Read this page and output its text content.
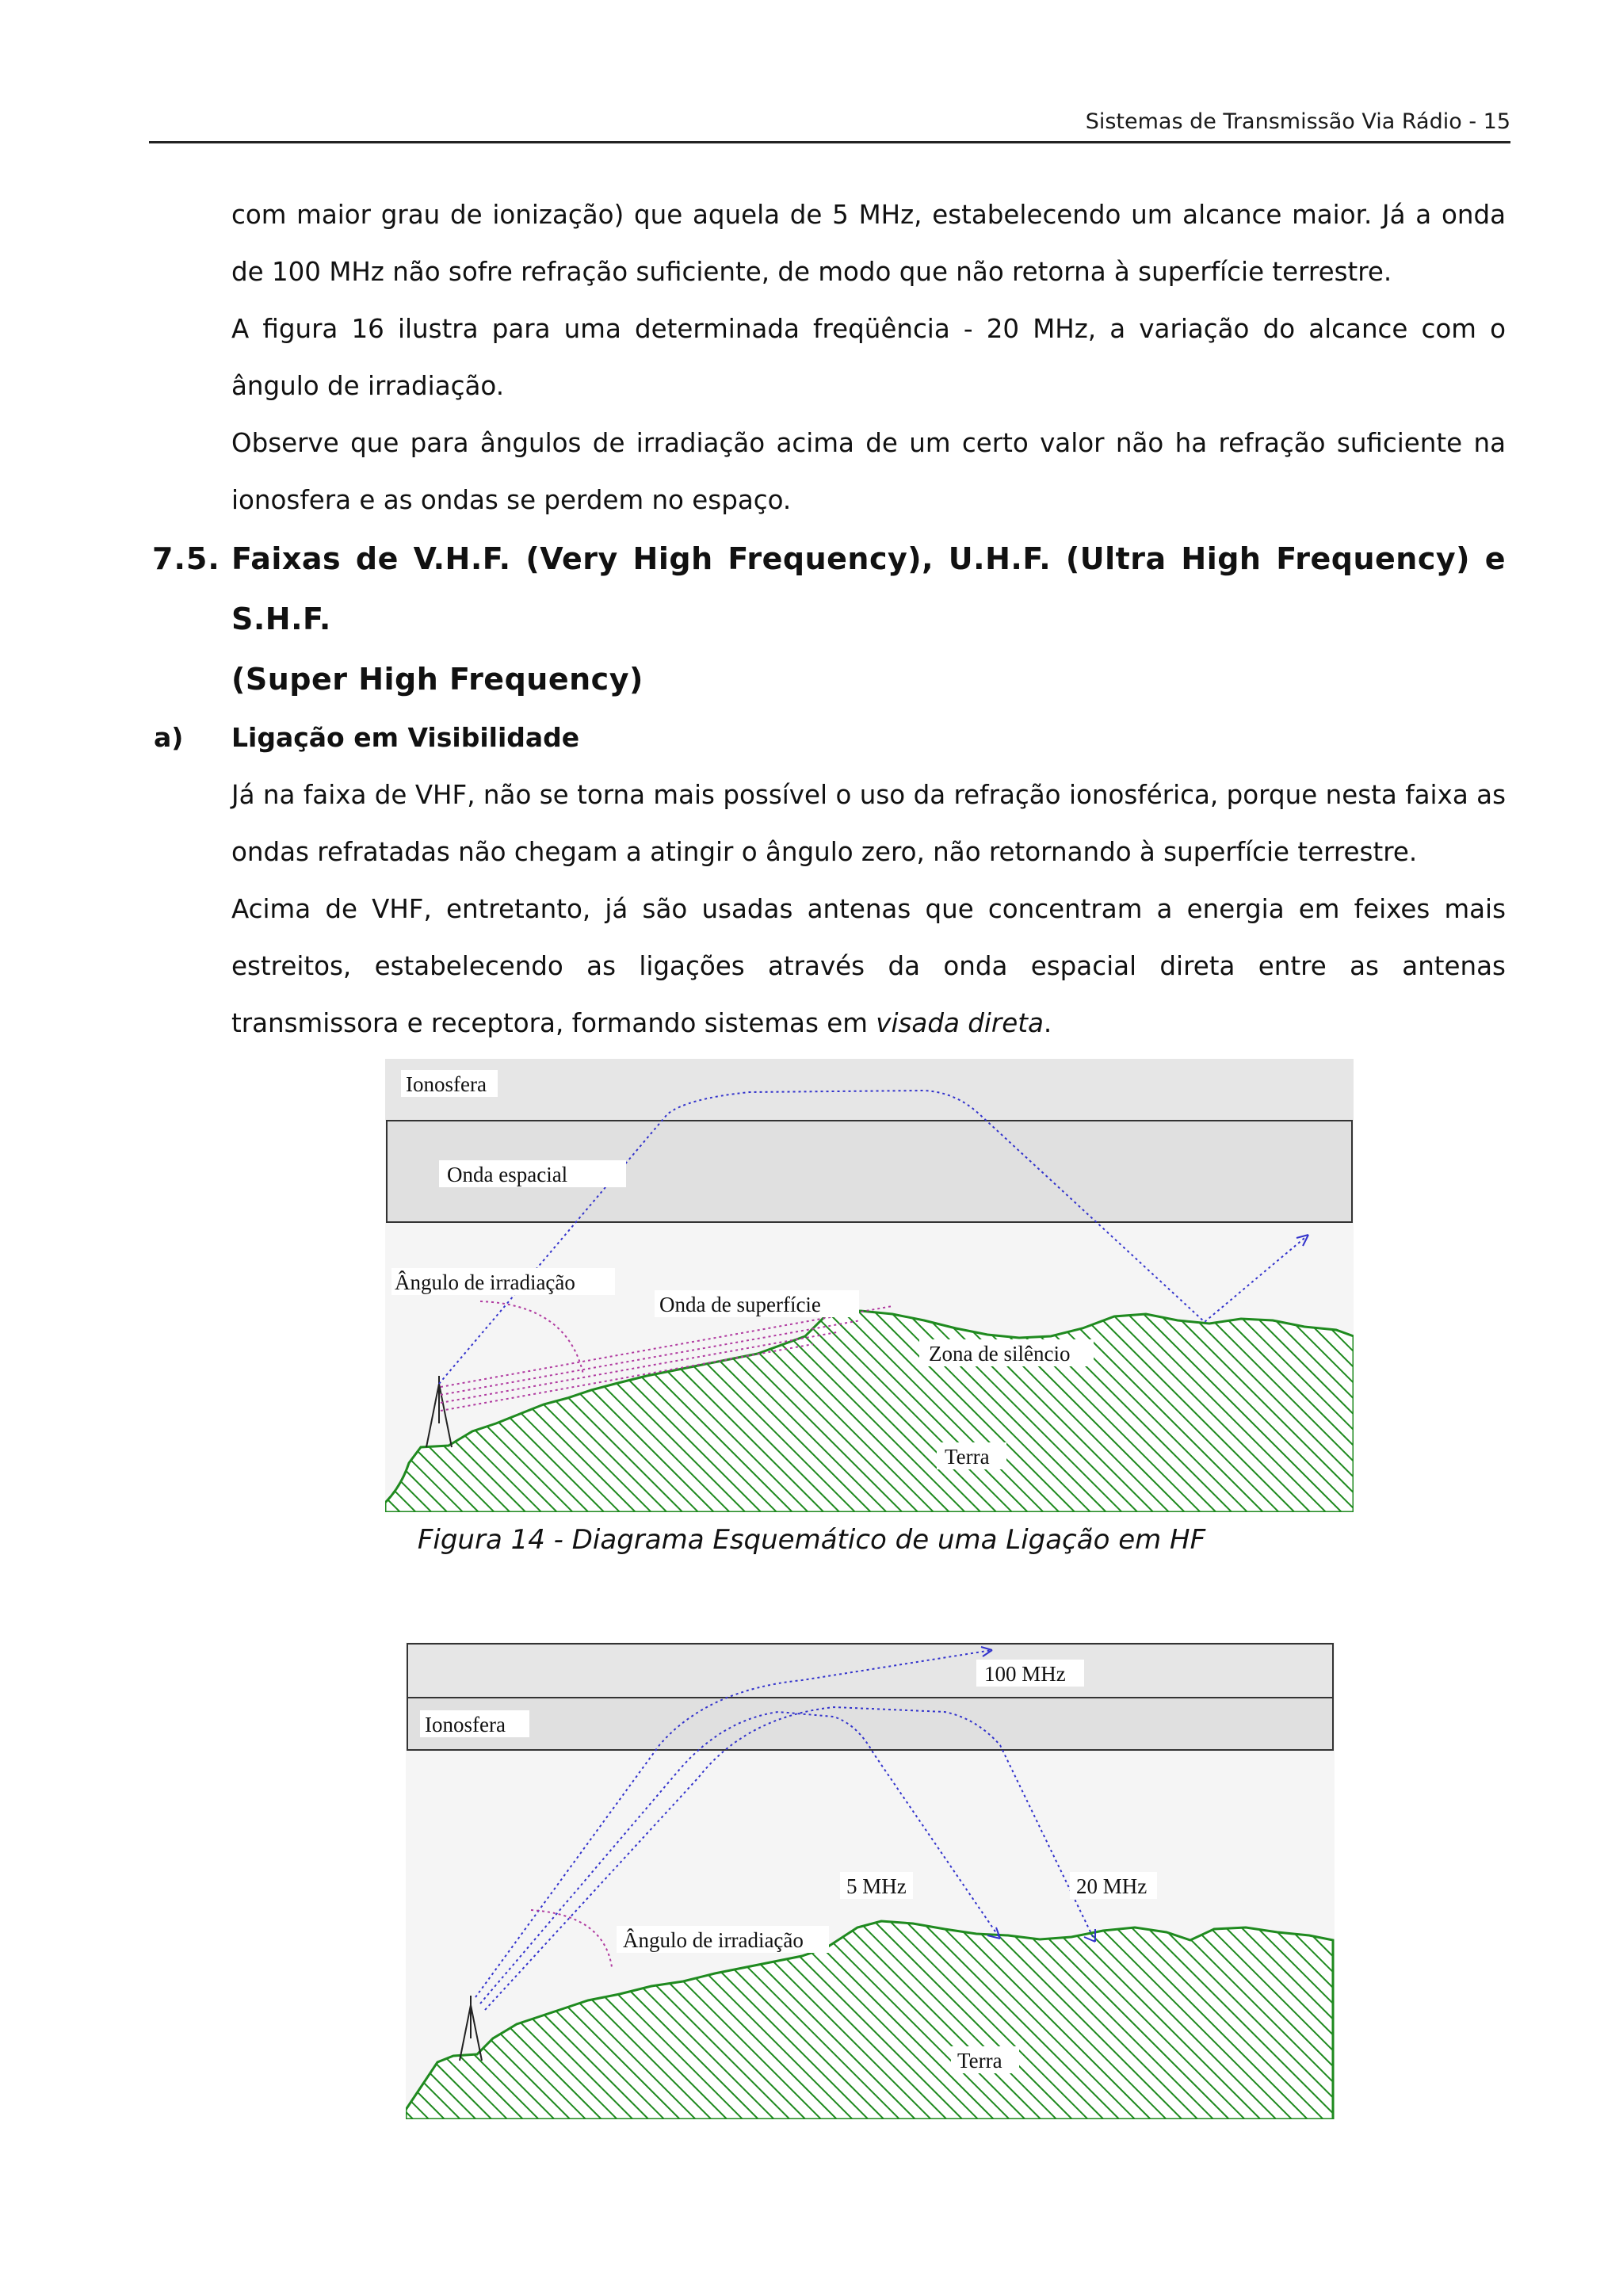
Sistemas de Transmissão Via Rádio - 15

com maior grau de ionização) que aquela de 5 MHz, estabelecendo um alcance maior. Já a onda de 100 MHz não sofre refração suficiente, de modo que não retorna à superfície terrestre.

A figura 16 ilustra para uma determinada freqüência - 20 MHz, a variação do alcance com o ângulo de irradiação.

Observe que para ângulos de irradiação acima de um certo valor não ha refração suficiente na ionosfera e as ondas se perdem no espaço.

7.5. Faixas de V.H.F. (Very High Frequency), U.H.F. (Ultra High Frequency) e S.H.F.

(Super High Frequency)

a) Ligação em Visibilidade

Já na faixa de VHF, não se torna mais possível o uso da refração ionosférica, porque nesta faixa as ondas refratadas não chegam a atingir o ângulo zero, não retornando à superfície terrestre.

Acima de VHF, entretanto, já são usadas antenas que concentram a energia em feixes mais estreitos, estabelecendo as ligações através da onda espacial direta entre as antenas transmissora e receptora, formando sistemas em visada direta.

Ionosfera
Onda espacial
Ângulo de irradiação
Onda de superfície
Zona de silêncio
Terra
Figura 14 - Diagrama Esquemático de uma Ligação em HF
100 MHz
Ionosfera
5 MHz	20 MHz
Ângulo de irradiação
Terra
